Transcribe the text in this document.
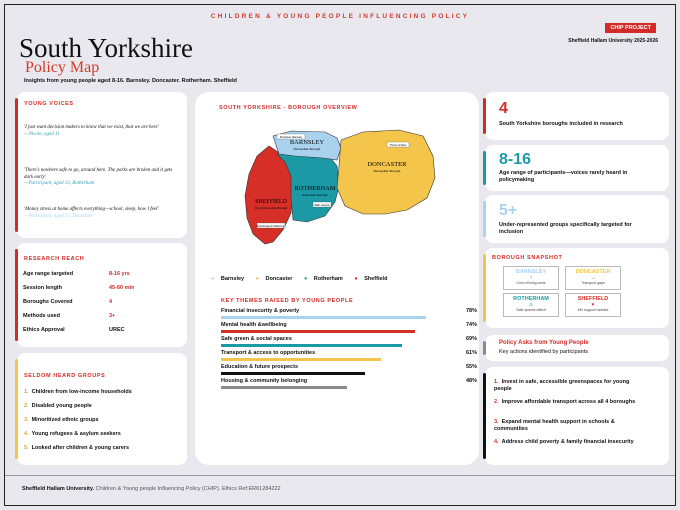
CHILDREN & YOUNG PEOPLE INFLUENCING POLICY
South Yorkshire
Policy Map
Insights from young people aged 8-16. Barnsley. Doncaster. Rotherham. Sheffield
CHIP PROJECT
Sheffield Hallam University 2025-2026
YOUNG VOICES
'I just want decision makers to know that we exist, that we are here'
—Nicole, aged 11
'There's nowhere safe to go, around here. The parks are broken and it gets dark early'
—Participant, aged 13, Rotherham
'Money stress at home affects everything—school, sleep, how I feel'
—Participant, aged 15, Doncaster
RESEARCH REACH
Age range targeted	8-16 yrs
Session length	45-60 min
Boroughs Covered	4
Methods used	3+
Ethics Approval	UREC
SELDOM HEARD GROUPS
1. Children from low-income households
2. Disabled young people
3. Minoritized ethnic groups
4. Young refugees & asylum seekers
5. Looked after children & young carers
SOUTH YORKSHIRE - BOROUGH OVERVIEW
BARNSLEY
Metropolitan Borough
DONCASTER
Metropolitan Borough
ROTHERHAM
Rotherham Borough
SHEFFIELD
City & Metropolitan Borough
Penistone, Barnsley
Thorne & Moor
Wath, Dearne
Stocksbridge & Hillsborough
● Barnsley ● Doncaster ● Rotherham ● Sheffield
KEY THEMES RAISED BY YOUNG PEOPLE
Financial insecurity & poverty	78%
Mental health &wellbeing	74%
Safe green & social spaces	69%
Transport & access to opportunities	61%
Education & future prospects	55%
Housing & community belonging	48%
4
South Yorkshire boroughs included in research
8-16
Age range of participants—voices rarely heard in policymaking
5+
Under-represented groups specifically targeted for inclusion
BOROUGH SNAPSHOT
BARNSLEY
↑
Cost of living crisis
DONCASTER
→
Transport gaps
ROTHERHAM
⚠
Safe spaces deficit
SHEFFIELD
♥
MH support needed
Policy Asks from Young People
Key actions identified by participants
1. Invest in safe, accessible greenspaces for young people
2. Improve affordable transport across all 4 boroughs
3. Expand mental health support in schools & communities
4. Address child poverty & family financial insecurity
Sheffield Hallam University. Children & Young people Influencing Policy (CHIP). Ethics Ref:ER61284222
